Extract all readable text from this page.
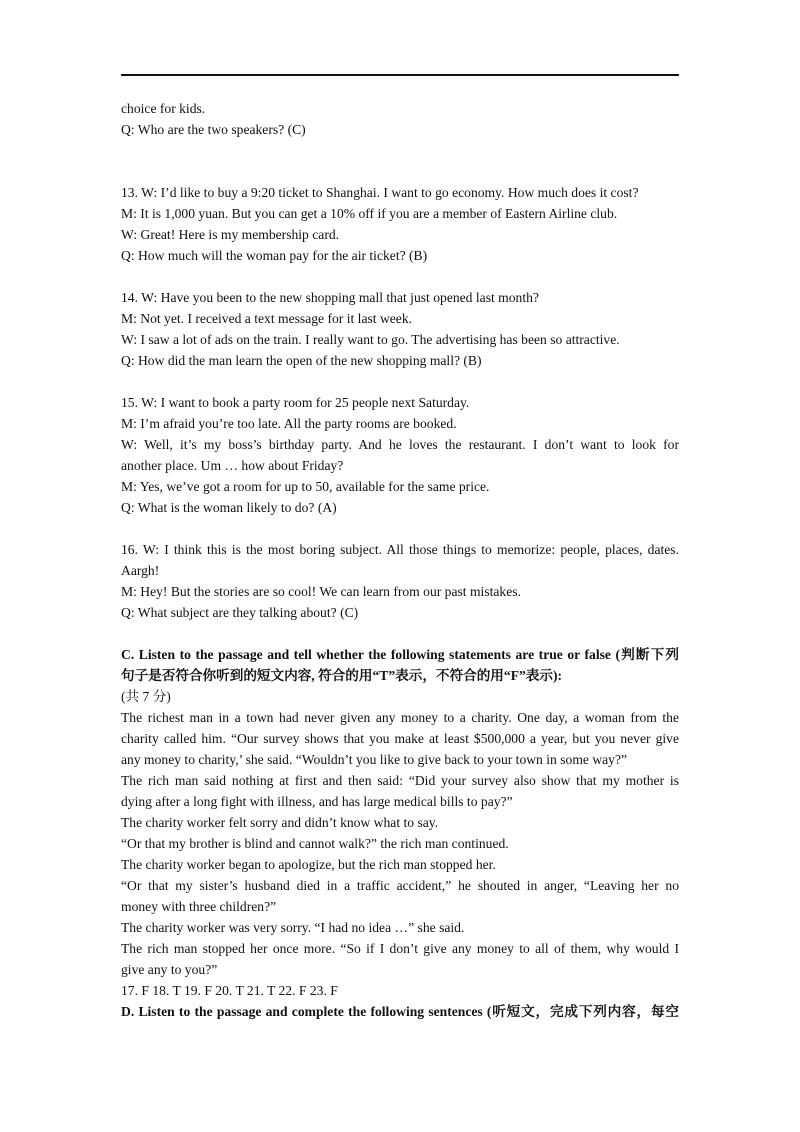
choice for kids.
Q: Who are the two speakers? (C)
13. W: I’d like to buy a 9:20 ticket to Shanghai. I want to go economy. How much does it cost?
M: It is 1,000 yuan. But you can get a 10% off if you are a member of Eastern Airline club.
W: Great! Here is my membership card.
Q: How much will the woman pay for the air ticket? (B)
14. W: Have you been to the new shopping mall that just opened last month?
M: Not yet. I received a text message for it last week.
W: I saw a lot of ads on the train. I really want to go. The advertising has been so attractive.
Q: How did the man learn the open of the new shopping mall? (B)
15. W: I want to book a party room for 25 people next Saturday.
M: I’m afraid you’re too late. All the party rooms are booked.
W: Well, it’s my boss’s birthday party. And he loves the restaurant. I don’t want to look for
another place. Um … how about Friday?
M: Yes, we’ve got a room for up to 50, available for the same price.
Q: What is the woman likely to do? (A)
16. W: I think this is the most boring subject. All those things to memorize: people, places, dates.
Aargh!
M: Hey! But the stories are so cool! We can learn from our past mistakes.
Q: What subject are they talking about? (C)
C. Listen to the passage and tell whether the following statements are true or false (判断下列
句子是否符合你听到的短文内容, 符合的用“T”表示，不符合的用“F”表示):
(共 7 分)
The richest man in a town had never given any money to a charity. One day, a woman from the
charity called him. “Our survey shows that you make at least $500,000 a year, but you never give
any money to charity,’ she said. “Wouldn’t you like to give back to your town in some way?”
The rich man said nothing at first and then said: “Did your survey also show that my mother is
dying after a long fight with illness, and has large medical bills to pay?”
The charity worker felt sorry and didn’t know what to say.
“Or that my brother is blind and cannot walk?” the rich man continued.
The charity worker began to apologize, but the rich man stopped her.
“Or that my sister’s husband died in a traffic accident,” he shouted in anger, “Leaving her no
money with three children?”
The charity worker was very sorry. “I had no idea …” she said.
The rich man stopped her once more. “So if I don’t give any money to all of them, why would I
give any to you?”
17. F 18. T 19. F 20. T 21. T 22. F 23. F
D. Listen to the passage and complete the following sentences (听短文，完成下列内容，每空
